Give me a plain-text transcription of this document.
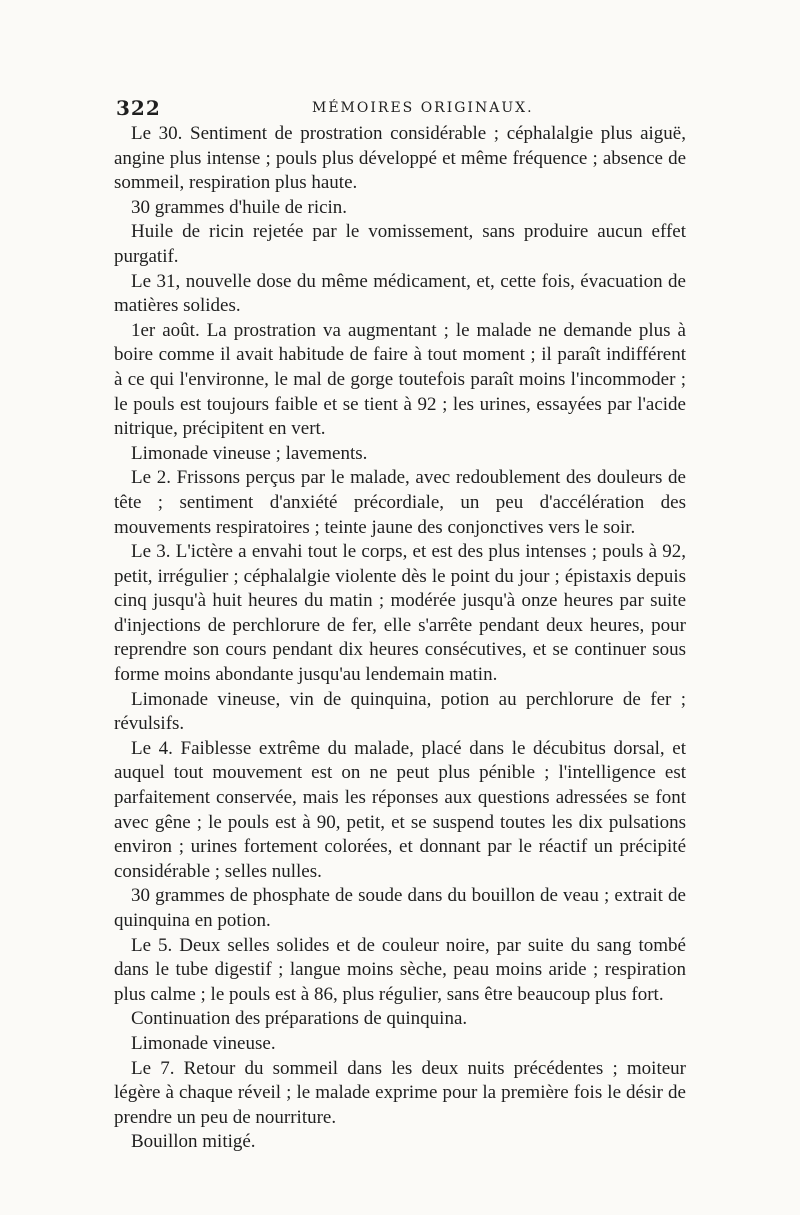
322	MÉMOIRES ORIGINAUX.

Le 30. Sentiment de prostration considérable ; céphalalgie plus aiguë, angine plus intense ; pouls plus développé et même fréquence ; absence de sommeil, respiration plus haute.

30 grammes d'huile de ricin.

Huile de ricin rejetée par le vomissement, sans produire aucun effet purgatif.

Le 31, nouvelle dose du même médicament, et, cette fois, évacuation de matières solides.

1er août. La prostration va augmentant ; le malade ne demande plus à boire comme il avait habitude de faire à tout moment ; il paraît indifférent à ce qui l'environne, le mal de gorge toutefois paraît moins l'incommoder ; le pouls est toujours faible et se tient à 92 ; les urines, essayées par l'acide nitrique, précipitent en vert.

Limonade vineuse ; lavements.

Le 2. Frissons perçus par le malade, avec redoublement des douleurs de tête ; sentiment d'anxiété précordiale, un peu d'accélération des mouvements respiratoires ; teinte jaune des conjonctives vers le soir.

Le 3. L'ictère a envahi tout le corps, et est des plus intenses ; pouls à 92, petit, irrégulier ; céphalalgie violente dès le point du jour ; épistaxis depuis cinq jusqu'à huit heures du matin ; modérée jusqu'à onze heures par suite d'injections de perchlorure de fer, elle s'arrête pendant deux heures, pour reprendre son cours pendant dix heures consécutives, et se continuer sous forme moins abondante jusqu'au lendemain matin.

Limonade vineuse, vin de quinquina, potion au perchlorure de fer ; révulsifs.

Le 4. Faiblesse extrême du malade, placé dans le décubitus dorsal, et auquel tout mouvement est on ne peut plus pénible ; l'intelligence est parfaitement conservée, mais les réponses aux questions adressées se font avec gêne ; le pouls est à 90, petit, et se suspend toutes les dix pulsations environ ; urines fortement colorées, et donnant par le réactif un précipité considérable ; selles nulles.

30 grammes de phosphate de soude dans du bouillon de veau ; extrait de quinquina en potion.

Le 5. Deux selles solides et de couleur noire, par suite du sang tombé dans le tube digestif ; langue moins sèche, peau moins aride ; respiration plus calme ; le pouls est à 86, plus régulier, sans être beaucoup plus fort.

Continuation des préparations de quinquina.

Limonade vineuse.

Le 7. Retour du sommeil dans les deux nuits précédentes ; moiteur légère à chaque réveil ; le malade exprime pour la première fois le désir de prendre un peu de nourriture.

Bouillon mitigé.
